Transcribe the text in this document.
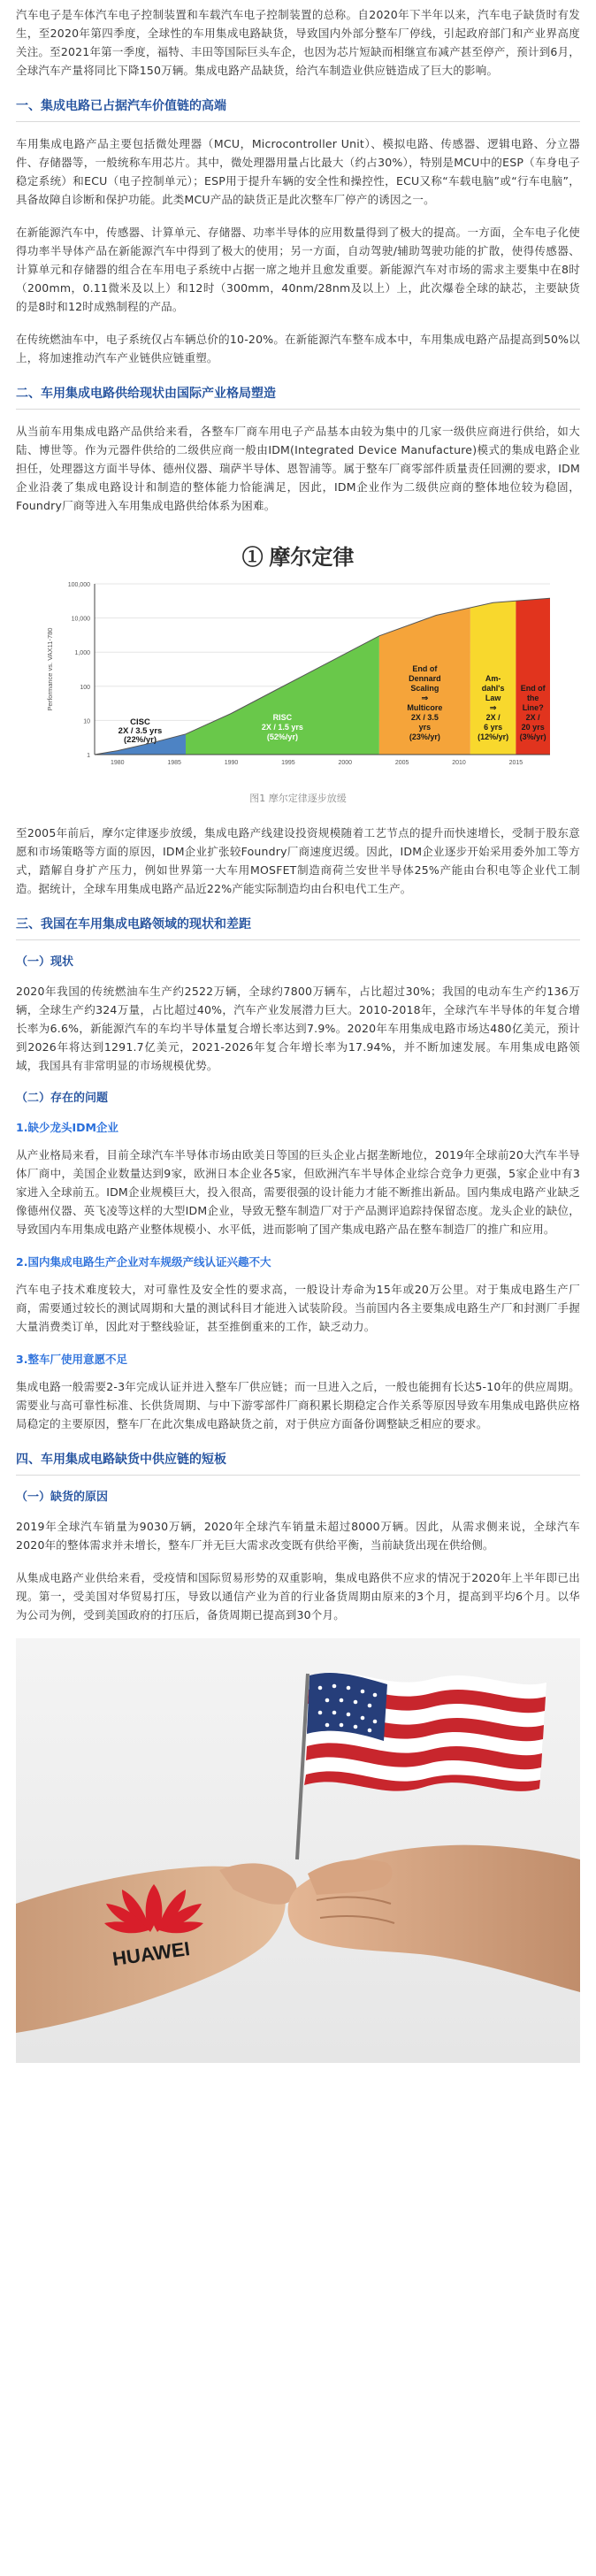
汽车电子是车体汽车电子控制装置和车载汽车电子控制装置的总称。自2020年下半年以来，汽车电子缺货时有发生，至2020年第四季度，全球性的车用集成电路缺货，导致国内外部分整车厂停线，引起政府部门和产业界高度关注。至2021年第一季度，福特、丰田等国际巨头车企，也因为芯片短缺而相继宣布减产甚至停产，预计到6月，全球汽车产量将同比下降150万辆。集成电路产品缺货，给汽车制造业供应链造成了巨大的影响。

一、集成电路已占据汽车价值链的高端

车用集成电路产品主要包括微处理器（MCU，Microcontroller Unit）、模拟电路、传感器、逻辑电路、分立器件、存储器等，一般统称车用芯片。其中，微处理器用量占比最大（约占30%），特别是MCU中的ESP（车身电子稳定系统）和ECU（电子控制单元）；ESP用于提升车辆的安全性和操控性，ECU又称“车载电脑”或“行车电脑”，具备故障自诊断和保护功能。此类MCU产品的缺货正是此次整车厂停产的诱因之一。

在新能源汽车中，传感器、计算单元、存储器、功率半导体的应用数量得到了极大的提高。一方面，全车电子化使得功率半导体产品在新能源汽车中得到了极大的使用；另一方面，自动驾驶/辅助驾驶功能的扩散，使得传感器、计算单元和存储器的组合在车用电子系统中占据一席之地并且愈发重要。新能源汽车对市场的需求主要集中在8时（200mm，0.11微米及以上）和12时（300mm，40nm/28nm及以上）上，此次爆卷全球的缺芯，主要缺货的是8时和12时成熟制程的产品。

在传统燃油车中，电子系统仅占车辆总价的10-20%。在新能源汽车整车成本中，车用集成电路产品提高到50%以上，将加速推动汽车产业链供应链重塑。

二、车用集成电路供给现状由国际产业格局塑造

从当前车用集成电路产品供给来看，各整车厂商车用电子产品基本由较为集中的几家一级供应商进行供给，如大陆、博世等。作为元器件供给的二级供应商一般由IDM(Integrated Device Manufacture)模式的集成电路企业担任，处理器这方面半导体、德州仪器、瑞萨半导体、恩智浦等。属于整车厂商零部件质量责任回溯的要求，IDM企业沿袭了集成电路设计和制造的整体能力恰能满足，因此，IDM企业作为二级供应商的整体地位较为稳固，Foundry厂商等进入车用集成电路供给体系为困难。

① 摩尔定律
CISC 2X / 3.5 yrs (22%/yr)
RISC 2X / 1.5 yrs (52%/yr)
End of Dennard Scaling ⇒ Multicore 2X / 3.5 yrs (23%/yr)
Am-dahl's Law ⇒ 2X / 6 yrs (12%/yr)
End of the Line? 2X / 20 yrs (3%/yr)
1
10
100
1,000
10,000
100,000
1980	1985	1990	1995	2000	2005	2010	2015
Performance vs. VAX11-780
图1 摩尔定律逐步放缓

至2005年前后，摩尔定律逐步放缓，集成电路产线建设投资规模随着工艺节点的提升而快速增长，受制于股东意愿和市场策略等方面的原因，IDM企业扩张较Foundry厂商速度迟缓。因此，IDM企业逐步开始采用委外加工等方式，踏解自身扩产压力，例如世界第一大车用MOSFET制造商荷兰安世半导体25%产能由台积电等企业代工制造。据统计，全球车用集成电路产品近22%产能实际制造均由台积电代工生产。

三、我国在车用集成电路领域的现状和差距
（一）现状

2020年我国的传统燃油车生产约2522万辆，全球约7800万辆车，占比超过30%；我国的电动车生产约136万辆，全球生产约324万量，占比超过40%，汽车产业发展潜力巨大。2010-2018年，全球汽车半导体的年复合增长率为6.6%，新能源汽车的车均半导体量复合增长率达到7.9%。2020年车用集成电路市场达480亿美元，预计到2026年将达到1291.7亿美元，2021-2026年复合年增长率为17.94%，并不断加速发展。车用集成电路领域，我国具有非常明显的市场规模优势。

（二）存在的问题
1.缺少龙头IDM企业

从产业格局来看，目前全球汽车半导体市场由欧美日等国的巨头企业占据垄断地位，2019年全球前20大汽车半导体厂商中，美国企业数量达到9家，欧洲日本企业各5家，但欧洲汽车半导体企业综合竞争力更强，5家企业中有3家进入全球前五。IDM企业规模巨大，投入很高，需要很强的设计能力才能不断推出新品。国内集成电路产业缺乏像德州仪器、英飞凌等这样的大型IDM企业，导致无整车制造厂对于产品测评追踪持保留态度。龙头企业的缺位，导致国内车用集成电路产业整体规模小、水平低，进而影响了国产集成电路产品在整车制造厂的推广和应用。

2.国内集成电路生产企业对车规级产线认证兴趣不大

汽车电子技术难度较大，对可靠性及安全性的要求高，一般设计寿命为15年或20万公里。对于集成电路生产厂商，需要通过较长的测试周期和大量的测试科目才能进入试装阶段。当前国内各主要集成电路生产厂和封测厂手握大量消费类订单，因此对于整线验证，甚至推倒重来的工作，缺乏动力。

3.整车厂使用意愿不足

集成电路一般需要2-3年完成认证并进入整车厂供应链；而一旦进入之后，一般也能拥有长达5-10年的供应周期。需要业与高可靠性标准、长供货周期、与中下游零部件厂商积累长期稳定合作关系等原因导致车用集成电路供应格局稳定的主要原因，整车厂在此次集成电路缺货之前，对于供应方面备份调整缺乏相应的要求。

四、车用集成电路缺货中供应链的短板
（一）缺货的原因

2019年全球汽车销量为9030万辆，2020年全球汽车销量未超过8000万辆。因此，从需求侧来说，全球汽车2020年的整体需求并未增长，整车厂并无巨大需求改变既有供给平衡，当前缺货出现在供给侧。

从集成电路产业供给来看，受疫情和国际贸易形势的双重影响，集成电路供不应求的情况于2020年上半年即已出现。第一，受美国对华贸易打压，导致以通信产业为首的行业备货周期由原来的3个月，提高到平均6个月。以华为公司为例，受到美国政府的打压后，备货周期已提高到30个月。

HUAWEI
